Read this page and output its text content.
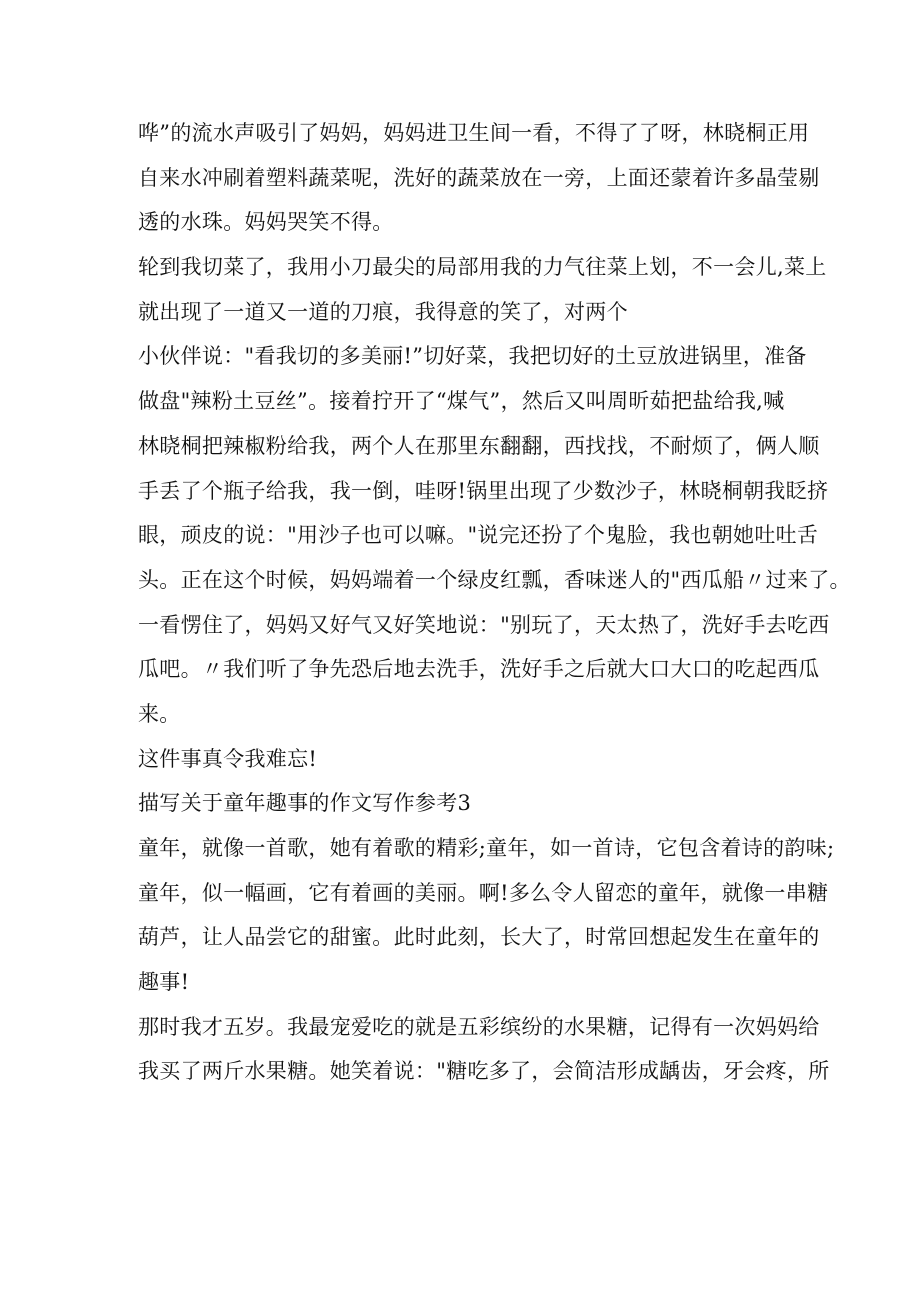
哗”的流水声吸引了妈妈，妈妈进卫生间一看，不得了了呀，林晓桐正用
自来水冲刷着塑料蔬菜呢，洗好的蔬菜放在一旁，上面还蒙着许多晶莹剔
透的水珠。妈妈哭笑不得。
轮到我切菜了，我用小刀最尖的局部用我的力气往菜上划，不一会儿,菜上
就出现了一道又一道的刀痕，我得意的笑了，对两个
小伙伴说："看我切的多美丽!”切好菜，我把切好的土豆放进锅里，准备
做盘"辣粉土豆丝”。接着拧开了“煤气”，然后又叫周昕茹把盐给我,喊
林晓桐把辣椒粉给我，两个人在那里东翻翻，西找找，不耐烦了，俩人顺
手丢了个瓶子给我，我一倒，哇呀!锅里出现了少数沙子，林晓桐朝我眨挤
眼，顽皮的说："用沙子也可以嘛。"说完还扮了个鬼脸，我也朝她吐吐舌
头。正在这个时候，妈妈端着一个绿皮红瓢，香味迷人的"西瓜船〃过来了。
一看愣住了，妈妈又好气又好笑地说："别玩了，天太热了，洗好手去吃西
瓜吧。〃我们听了争先恐后地去洗手，洗好手之后就大口大口的吃起西瓜
来。
这件事真令我难忘!
描写关于童年趣事的作文写作参考3
童年，就像一首歌，她有着歌的精彩;童年，如一首诗，它包含着诗的韵味;
童年，似一幅画，它有着画的美丽。啊!多么令人留恋的童年，就像一串糖
葫芦，让人品尝它的甜蜜。此时此刻，长大了，时常回想起发生在童年的
趣事!
那时我才五岁。我最宠爱吃的就是五彩缤纷的水果糖，记得有一次妈妈给
我买了两斤水果糖。她笑着说："糖吃多了，会简洁形成龋齿，牙会疼，所
